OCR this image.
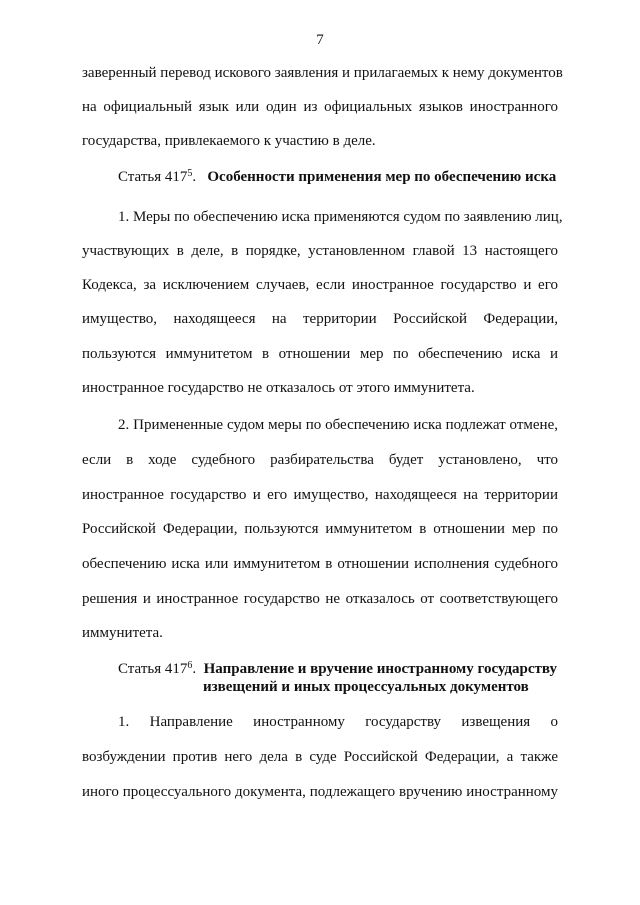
7
заверенный перевод искового заявления и прилагаемых к нему документов
на официальный язык или один из официальных языков иностранного
государства, привлекаемого к участию в деле.
Статья $417^5$. Особенности применения мер по обеспечению иска
1. Меры по обеспечению иска применяются судом по заявлению лиц,
участвующих в деле, в порядке, установленном главой 13 настоящего
Кодекса, за исключением случаев, если иностранное государство и его
имущество, находящееся на территории Российской Федерации,
пользуются иммунитетом в отношении мер по обеспечению иска и
иностранное государство не отказалось от этого иммунитета.
2. Примененные судом меры по обеспечению иска подлежат отмене,
если в ходе судебного разбирательства будет установлено, что
иностранное государство и его имущество, находящееся на территории
Российской Федерации, пользуются иммунитетом в отношении мер по
обеспечению иска или иммунитетом в отношении исполнения судебного
решения и иностранное государство не отказалось от соответствующего
иммунитета.
Статья $417^6$. Направление и вручение иностранному государству
извещений и иных процессуальных документов
1. Направление иностранному государству извещения о
возбуждении против него дела в суде Российской Федерации, а также
иного процессуального документа, подлежащего вручению иностранному
